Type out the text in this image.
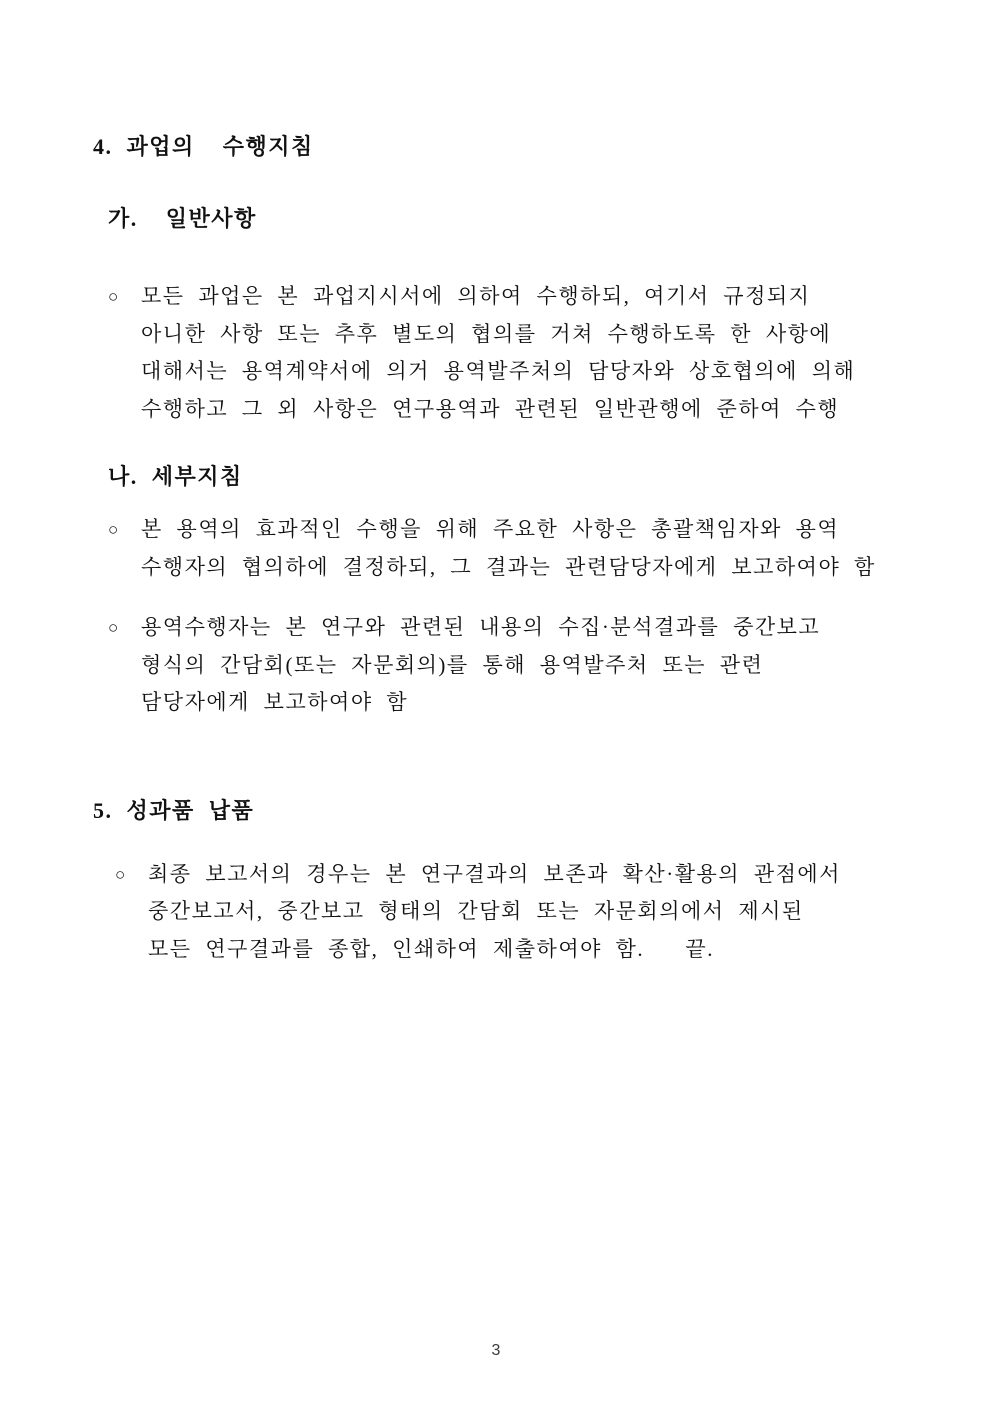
4. 과업의  수행지침
가.  일반사항
○	모든 과업은 본 과업지시서에 의하여 수행하되, 여기서 규정되지
아니한 사항 또는 추후 별도의 협의를 거쳐 수행하도록 한 사항에
대해서는 용역계약서에 의거 용역발주처의 담당자와 상호협의에 의해
수행하고 그 외 사항은 연구용역과 관련된 일반관행에 준하여 수행
나. 세부지침
○	본 용역의 효과적인 수행을 위해 주요한 사항은 총괄책임자와 용역
수행자의 협의하에 결정하되, 그 결과는 관련담당자에게 보고하여야 함
○	용역수행자는 본 연구와 관련된 내용의 수집·분석결과를 중간보고
형식의 간담회(또는 자문회의)를 통해 용역발주처 또는 관련
담당자에게 보고하여야 함
5. 성과품 납품
○	최종 보고서의 경우는 본 연구결과의 보존과 확산·활용의 관점에서
중간보고서, 중간보고 형태의 간담회 또는 자문회의에서 제시된
모든 연구결과를 종합, 인쇄하여 제출하여야 함.   끝.
3
